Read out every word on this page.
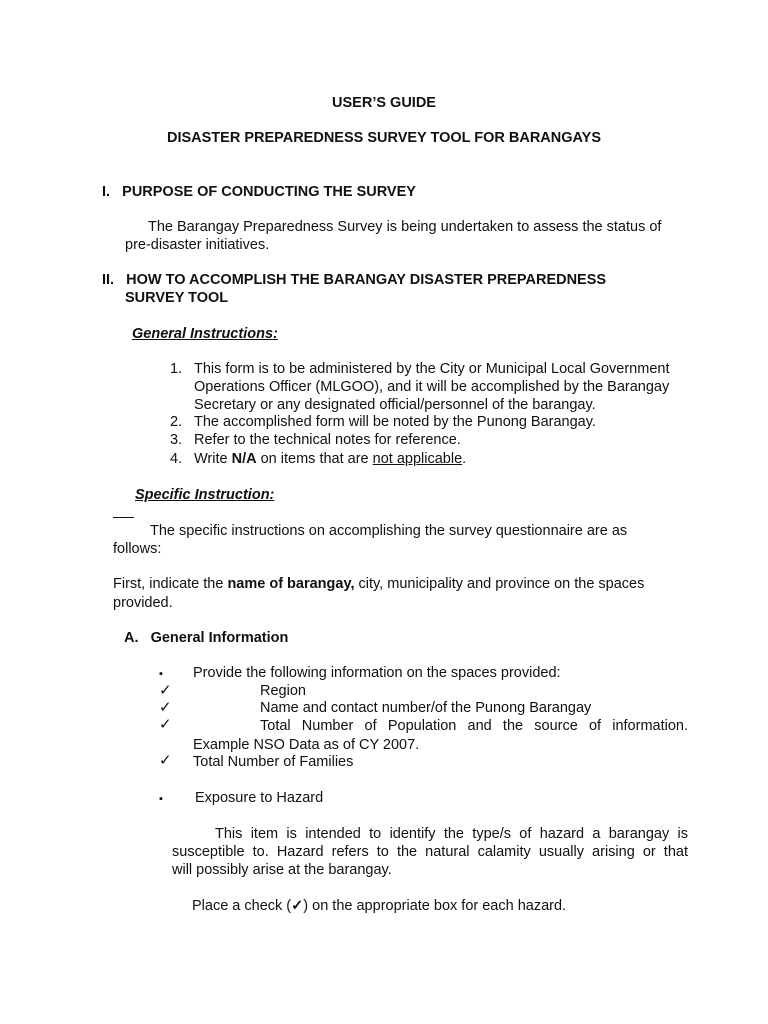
USER’S GUIDE
DISASTER PREPAREDNESS SURVEY TOOL FOR BARANGAYS
I.   PURPOSE OF CONDUCTING THE SURVEY
The Barangay Preparedness Survey is being undertaken to assess the status of
pre-disaster initiatives.
II.   HOW TO ACCOMPLISH THE BARANGAY DISASTER PREPAREDNESS
SURVEY TOOL
General Instructions:
1. This form is to be administered by the City or Municipal Local Government
Operations Officer (MLGOO), and it will be accomplished by the Barangay
Secretary or any designated official/personnel of the barangay.
2. The accomplished form will be noted by the Punong Barangay.
3. Refer to the technical notes for reference.
4. Write N/A on items that are not applicable.
Specific Instruction:
The specific instructions on accomplishing the survey questionnaire are as
follows:
First, indicate the name of barangay, city, municipality and province on the spaces
provided.
A.   General Information
▪ Provide the following information on the spaces provided:
✓	Region
✓	Name and contact number/of the Punong Barangay
✓	Total Number of Population and the source of information.
Example NSO Data as of CY 2007.
✓ Total Number of Families
▪ Exposure to Hazard
This item is intended to identify the type/s of hazard a barangay is
susceptible to. Hazard refers to the natural calamity usually arising or that
will possibly arise at the barangay.
Place a check (✓) on the appropriate box for each hazard.
